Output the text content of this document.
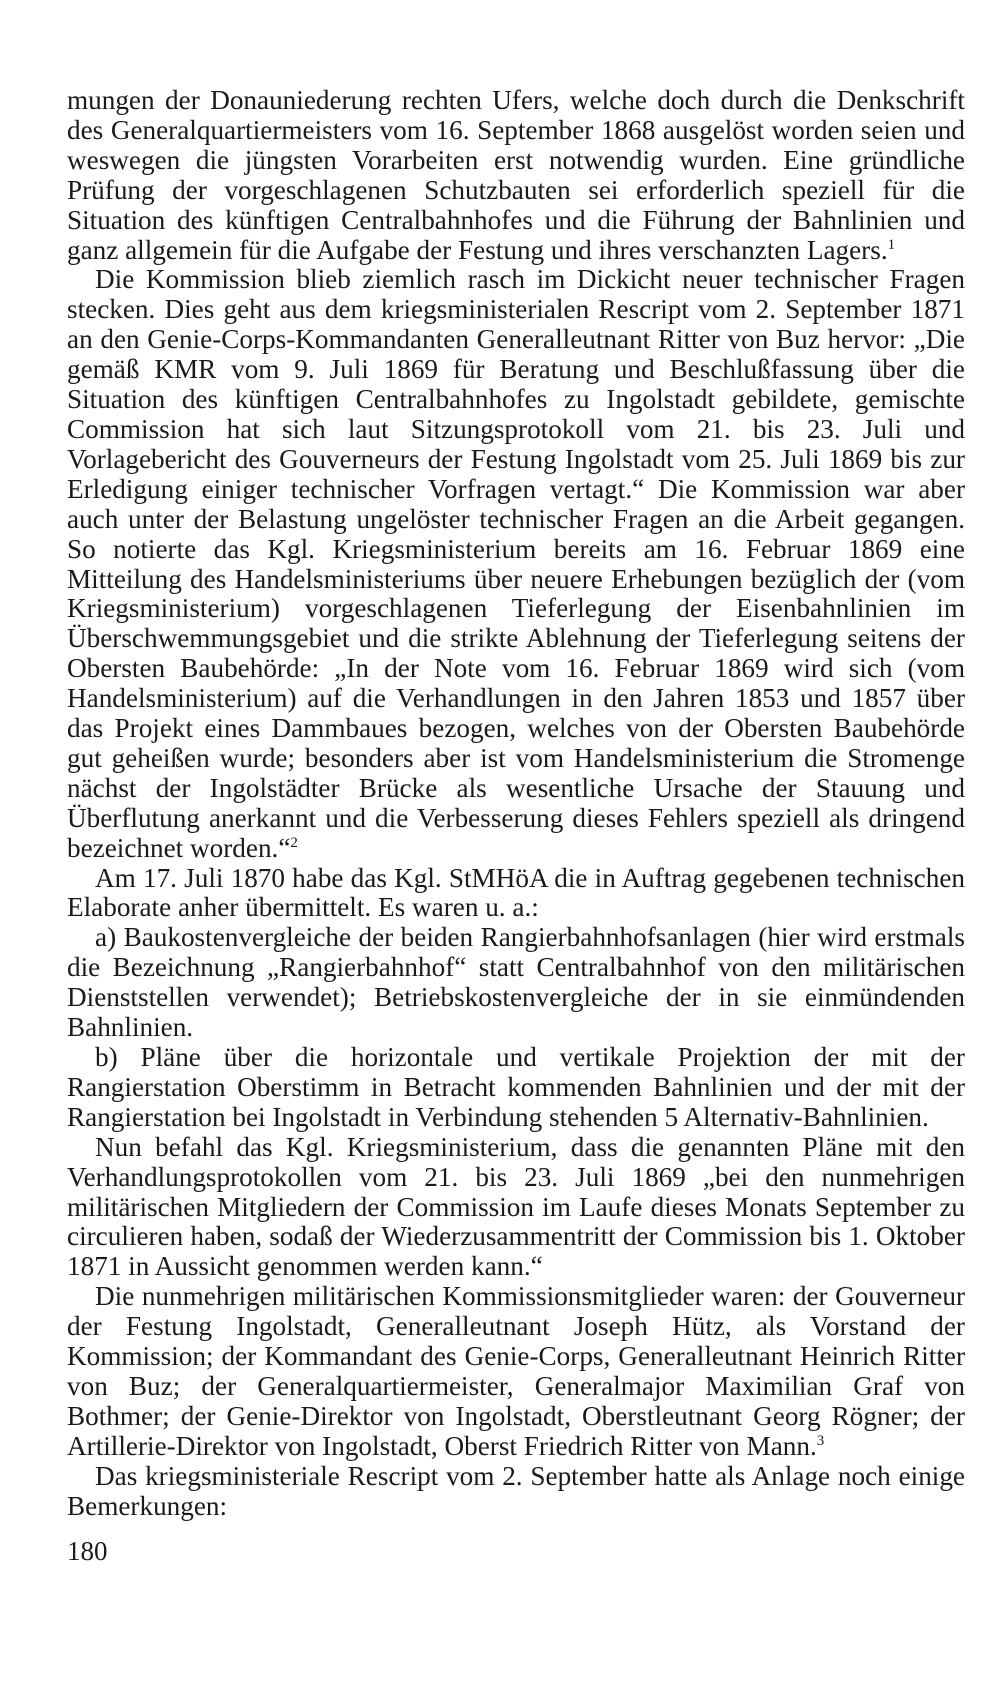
mungen der Donauniederung rechten Ufers, welche doch durch die Denkschrift des Generalquartiermeisters vom 16. September 1868 ausgelöst worden seien und weswegen die jüngsten Vorarbeiten erst notwendig wurden. Eine gründliche Prüfung der vorgeschlagenen Schutzbauten sei erforderlich speziell für die Situation des künftigen Centralbahnhofes und die Führung der Bahnlinien und ganz allgemein für die Aufgabe der Festung und ihres verschanzten Lagers.$^1$

Die Kommission blieb ziemlich rasch im Dickicht neuer technischer Fragen stecken. Dies geht aus dem kriegsministerialen Rescript vom 2. September 1871 an den Genie-Corps-Kommandanten Generalleutnant Ritter von Buz hervor: „Die gemäß KMR vom 9. Juli 1869 für Beratung und Beschlußfassung über die Situation des künftigen Centralbahnhofes zu Ingolstadt gebildete, gemischte Commission hat sich laut Sitzungsprotokoll vom 21. bis 23. Juli und Vorlagebericht des Gouverneurs der Festung Ingolstadt vom 25. Juli 1869 bis zur Erledigung einiger technischer Vorfragen vertagt.“ Die Kommission war aber auch unter der Belastung ungelöster technischer Fragen an die Arbeit gegangen. So notierte das Kgl. Kriegsministerium bereits am 16. Februar 1869 eine Mitteilung des Handelsministeriums über neuere Erhebungen bezüglich der (vom Kriegsministerium) vorgeschlagenen Tieferlegung der Eisenbahnlinien im Überschwemmungsgebiet und die strikte Ablehnung der Tieferlegung seitens der Obersten Baubehörde: „In der Note vom 16. Februar 1869 wird sich (vom Handelsministerium) auf die Verhandlungen in den Jahren 1853 und 1857 über das Projekt eines Dammbaues bezogen, welches von der Obersten Baubehörde gut geheißen wurde; besonders aber ist vom Handelsministerium die Stromenge nächst der Ingolstädter Brücke als wesentliche Ursache der Stauung und Überflutung anerkannt und die Verbesserung dieses Fehlers speziell als dringend bezeichnet worden.“$^2$

Am 17. Juli 1870 habe das Kgl. StMHöA die in Auftrag gegebenen technischen Elaborate anher übermittelt. Es waren u. a.:

a) Baukostenvergleiche der beiden Rangierbahnhofsanlagen (hier wird erstmals die Bezeichnung „Rangierbahnhof“ statt Centralbahnhof von den militärischen Dienststellen verwendet); Betriebskostenvergleiche der in sie einmündenden Bahnlinien.

b) Pläne über die horizontale und vertikale Projektion der mit der Rangierstation Oberstimm in Betracht kommenden Bahnlinien und der mit der Rangierstation bei Ingolstadt in Verbindung stehenden 5 Alternativ-Bahnlinien.

Nun befahl das Kgl. Kriegsministerium, dass die genannten Pläne mit den Verhandlungsprotokollen vom 21. bis 23. Juli 1869 „bei den nunmehrigen militärischen Mitgliedern der Commission im Laufe dieses Monats September zu circulieren haben, sodaß der Wiederzusammentritt der Commission bis 1. Oktober 1871 in Aussicht genommen werden kann.“

Die nunmehrigen militärischen Kommissionsmitglieder waren: der Gouverneur der Festung Ingolstadt, Generalleutnant Joseph Hütz, als Vorstand der Kommission; der Kommandant des Genie-Corps, Generalleutnant Heinrich Ritter von Buz; der Generalquartiermeister, Generalmajor Maximilian Graf von Bothmer; der Genie-Direktor von Ingolstadt, Oberstleutnant Georg Rögner; der Artillerie-Direktor von Ingolstadt, Oberst Friedrich Ritter von Mann.$^3$

Das kriegsministeriale Rescript vom 2. September hatte als Anlage noch einige Bemerkungen:

180
